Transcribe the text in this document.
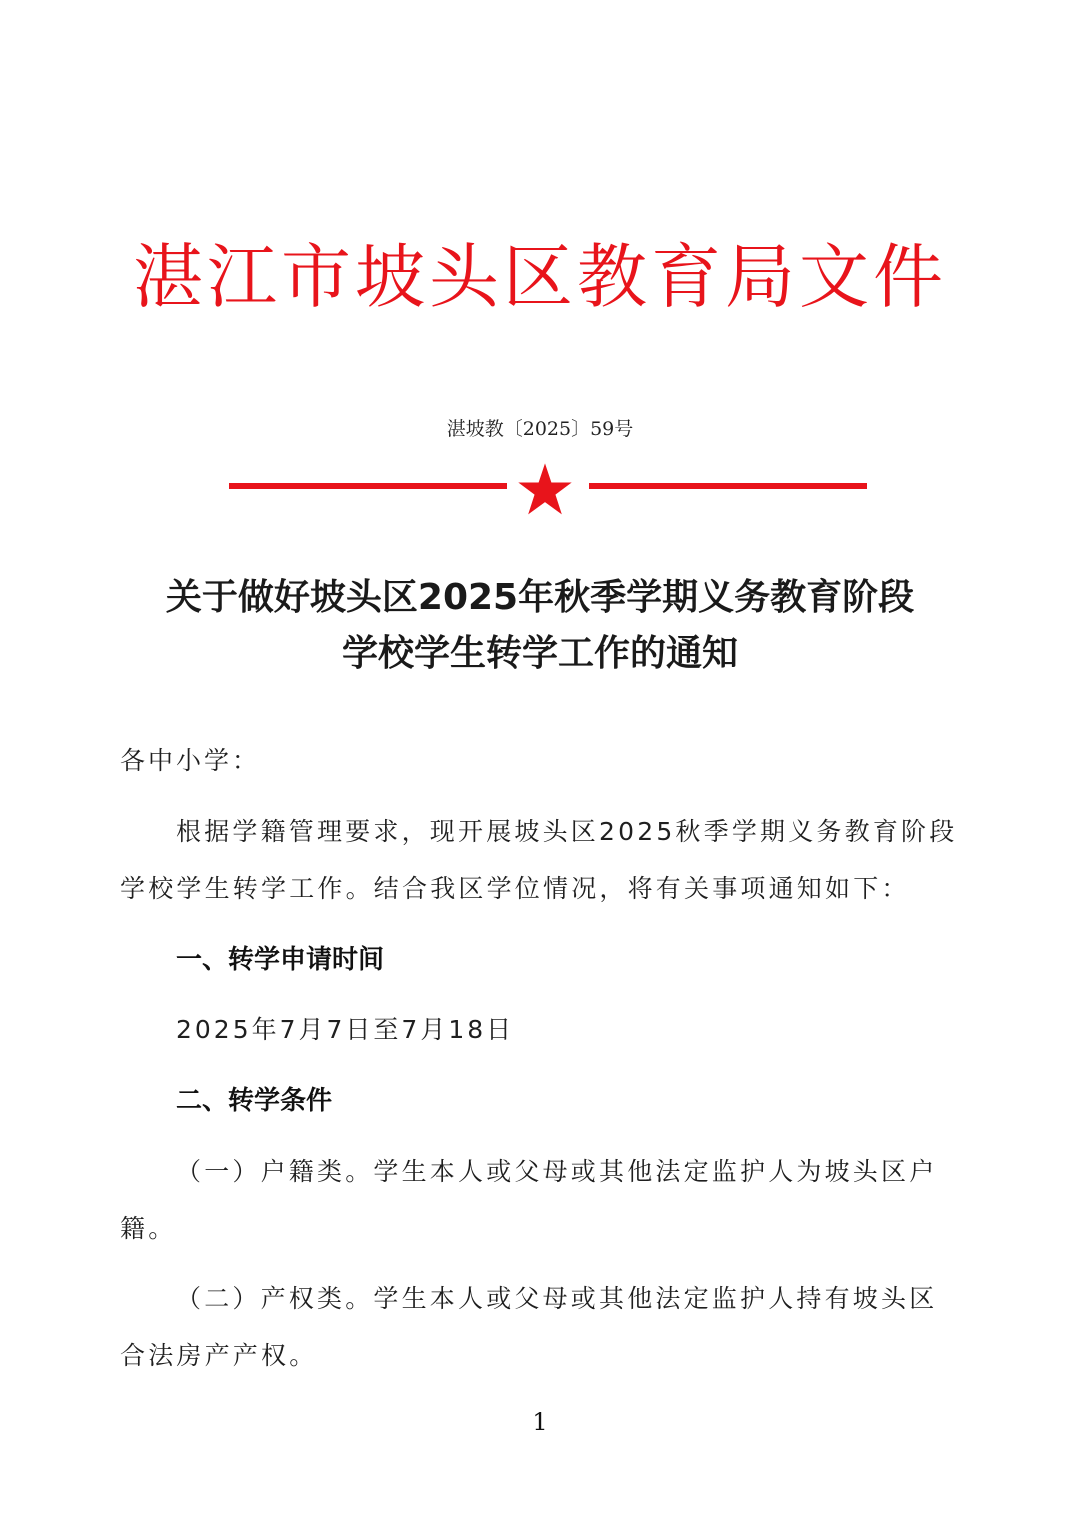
湛江市坡头区教育局文件
湛坡教〔2025〕59号
关于做好坡头区2025年秋季学期义务教育阶段
学校学生转学工作的通知
各中小学：
根据学籍管理要求，现开展坡头区2025秋季学期义务教育阶段学校学生转学工作。结合我区学位情况，将有关事项通知如下：
一、转学申请时间
2025年7月7日至7月18日
二、转学条件
（一）户籍类。学生本人或父母或其他法定监护人为坡头区户籍。
（二）产权类。学生本人或父母或其他法定监护人持有坡头区合法房产产权。
1
